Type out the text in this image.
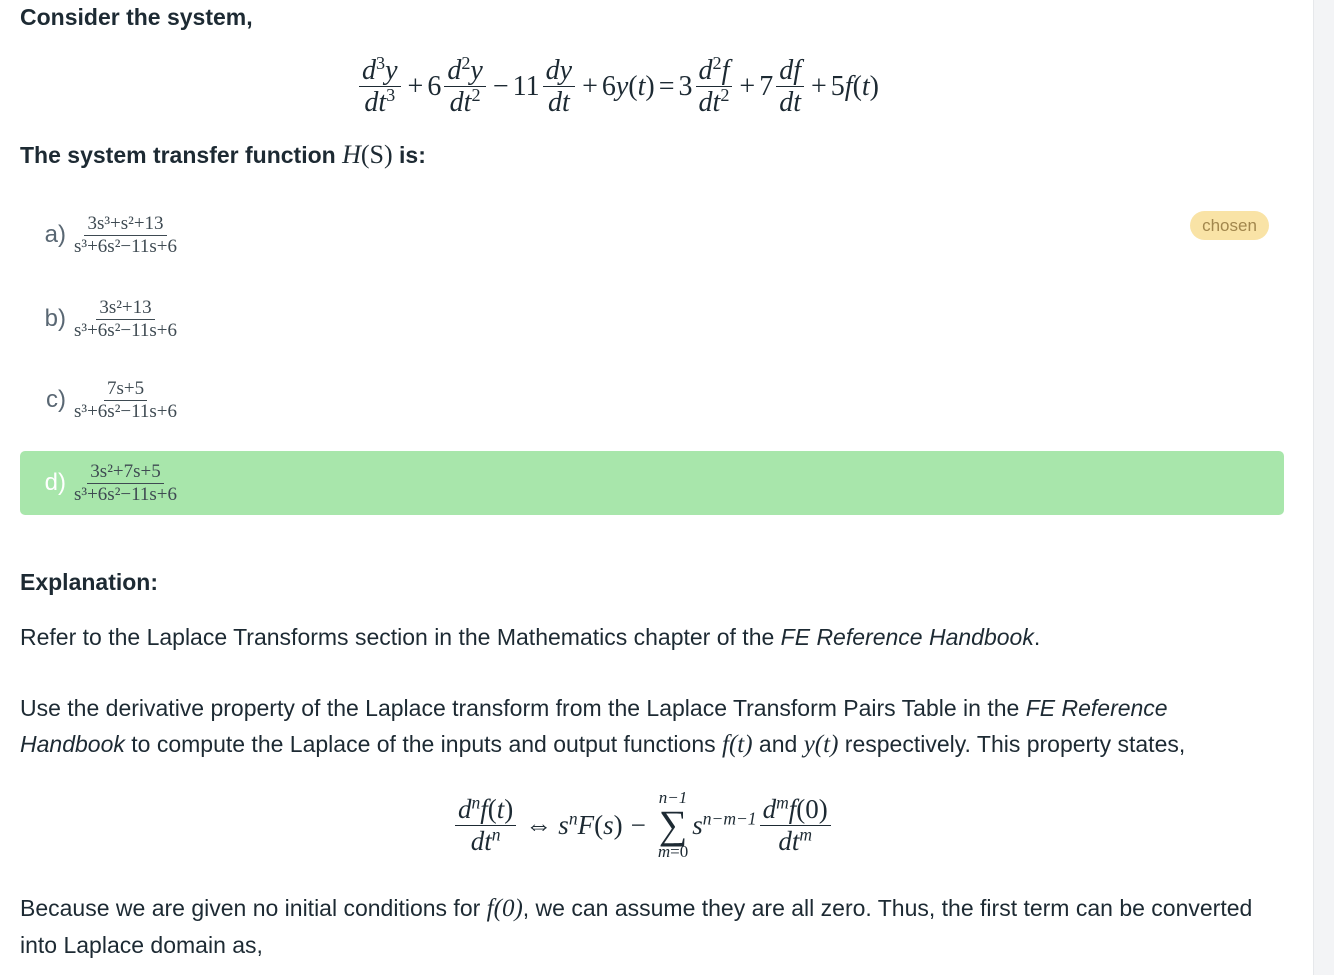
Consider the system,

$\frac{d^3y}{dt^3} + 6 \frac{d^2y}{dt^2} - 11 \frac{dy}{dt} + 6$ y ( t ) = $3 \frac{d^2f}{dt^2} + 7 \frac{df}{dt} + 5$ f ( t )

The system transfer function H(S) is:

$a) \frac{\text{3s³+s²+13}}{\text{s³+6s²−11s+6}}$	chosen
$b) \frac{\text{3s²+13}}{\text{s³+6s²−11s+6}}$
$c) \frac{7s+5}{\text{s³+6s²−11s+6}}$
$d) \frac{\text{3s²+7s+5}}{\text{s³+6s²−11s+6}}$
Explanation:

Refer to the Laplace Transforms section in the Mathematics chapter of the FE Reference Handbook.

Use the derivative property of the Laplace transform from the Laplace Transform Pairs Table in the FE Reference Handbook to compute the Laplace of the inputs and output functions f(t) and y(t) respectively. This property states,

$\frac{d^nf(t)}{dt^n}$ ⇔ $s^nF$ ( s ) −
n−1
∑
m=0
$s^{n-m-1} \frac{d^mf(0)}{dt^m}$

Because we are given no initial conditions for f(0), we can assume they are all zero. Thus, the first term can be converted into Laplace domain as,
